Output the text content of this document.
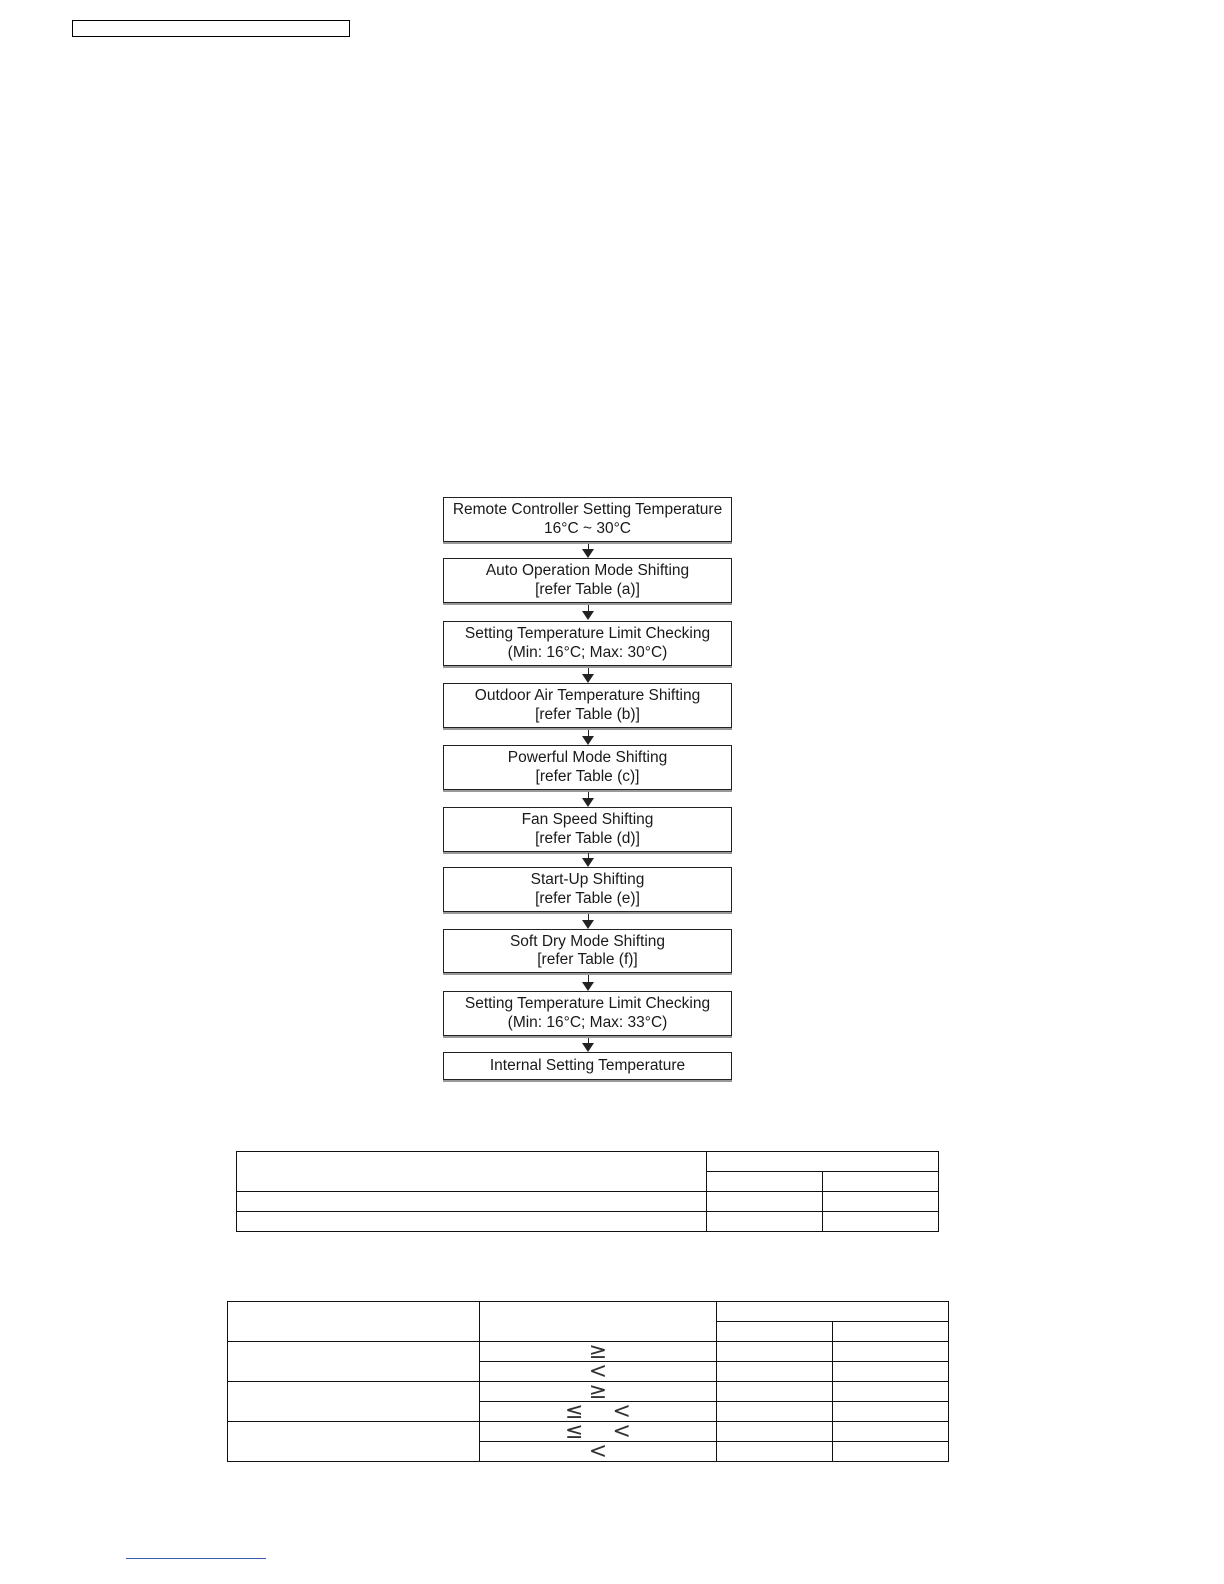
Remote Controller Setting Temperature
16°C ~ 30°C
Auto Operation Mode Shifting
[refer Table (a)]
Setting Temperature Limit Checking
(Min: 16°C; Max: 30°C)
Outdoor Air Temperature Shifting
[refer Table (b)]
Powerful Mode Shifting
[refer Table (c)]
Fan Speed Shifting
[refer Table (d)]
Start-Up Shifting
[refer Table (e)]
Soft Dry Mode Shifting
[refer Table (f)]
Setting Temperature Limit Checking
(Min: 16°C; Max: 33°C)
Internal Setting Temperature

	≥		
	<		
	≥		
	≤ <		
	≤ <		
	<		
